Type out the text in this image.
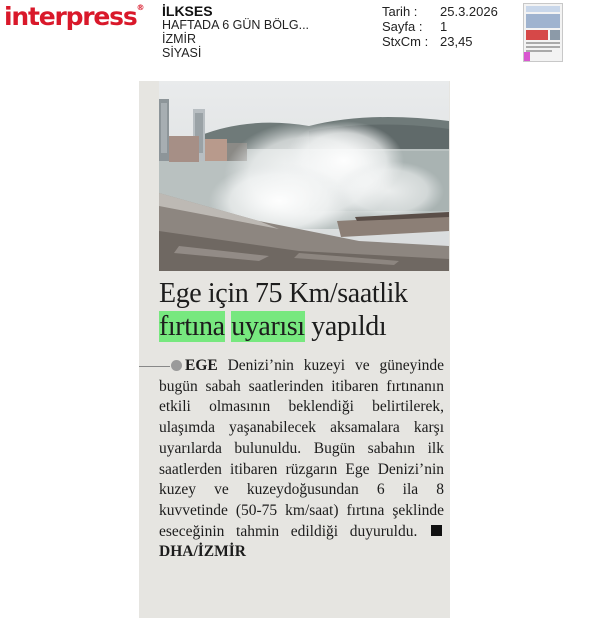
interpress® İLKSES
HAFTADA 6 GÜN BÖLG...
İZMİR
SİYASİ
Tarih :	25.3.2026
Sayfa :	1
StxCm : 23,45
Ege için 75 Km/saatlik
fırtına uyarısı yapıldı
EGE Denizi’nin kuzeyi ve güneyinde bugün sabah saatlerinden itibaren fırtınanın etkili olmasının beklendiği belirtilerek, ulaşımda yaşanabilecek aksamalara karşı uyarılarda bulunuldu. Bugün sabahın ilk saatlerden itibaren rüzgarın Ege Denizi’nin kuzey ve kuzeydoğusundan 6 ila 8 kuvvetinde (50-75 km/saat) fırtına şeklinde eseceğinin tahmin edildiği duyuruldu. DHA/İZMİR
